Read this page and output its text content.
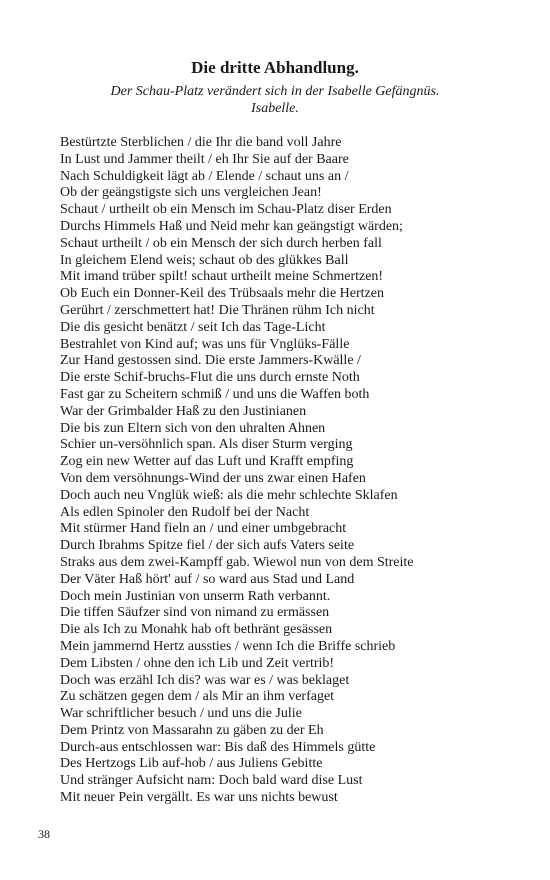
Die dritte Abhandlung.
Der Schau-Platz verändert sich in der Isabelle Gefängnüs.
Isabelle.
Bestürtzte Sterblichen / die Ihr die band voll Jahre
In Lust und Jammer theilt / eh Ihr Sie auf der Baare
Nach Schuldigkeit lägt ab / Elende / schaut uns an /
Ob der geängstigste sich uns vergleichen Jean!
Schaut / urtheilt ob ein Mensch im Schau-Platz diser Erden
Durchs Himmels Haß und Neid mehr kan geängstigt wärden;
Schaut urtheilt / ob ein Mensch der sich durch herben fall
In gleichem Elend weis; schaut ob des glükkes Ball
Mit imand trüber spilt! schaut urtheilt meine Schmertzen!
Ob Euch ein Donner-Keil des Trübsaals mehr die Hertzen
Gerührt / zerschmettert hat! Die Thränen rühm Ich nicht
Die dis gesicht benätzt / seit Ich das Tage-Licht
Bestrahlet von Kind auf; was uns für Vnglüks-Fälle
Zur Hand gestossen sind. Die erste Jammers-Kwälle /
Die erste Schif-bruchs-Flut die uns durch ernste Noth
Fast gar zu Scheitern schmiß / und uns die Waffen both
War der Grimbalder Haß zu den Justinianen
Die bis zun Eltern sich von den uhralten Ahnen
Schier un-versöhnlich span. Als diser Sturm verging
Zog ein new Wetter auf das Luft und Krafft empfing
Von dem versöhnungs-Wind der uns zwar einen Hafen
Doch auch neu Vnglük wieß: als die mehr schlechte Sklafen
Als edlen Spinoler den Rudolf bei der Nacht
Mit stürmer Hand fieln an / und einer umbgebracht
Durch Ibrahms Spitze fiel / der sich aufs Vaters seite
Straks aus dem zwei-Kampff gab. Wiewol nun von dem Streite
Der Väter Haß hört' auf / so ward aus Stad und Land
Doch mein Justinian von unserm Rath verbannt.
Die tiffen Säufzer sind von nimand zu ermässen
Die als Ich zu Monahk hab oft bethränt gesässen
Mein jammernd Hertz aussties / wenn Ich die Briffe schrieb
Dem Libsten / ohne den ich Lib und Zeit vertrib!
Doch was erzähl Ich dis? was war es / was beklaget
Zu schätzen gegen dem / als Mir an ihm verfaget
War schriftlicher besuch / und uns die Julie
Dem Printz von Massarahn zu gäben zu der Eh
Durch-aus entschlossen war: Bis daß des Himmels gütte
Des Hertzogs Lib auf-hob / aus Juliens Gebitte
Und stränger Aufsicht nam: Doch bald ward dise Lust
Mit neuer Pein vergällt. Es war uns nichts bewust
38
